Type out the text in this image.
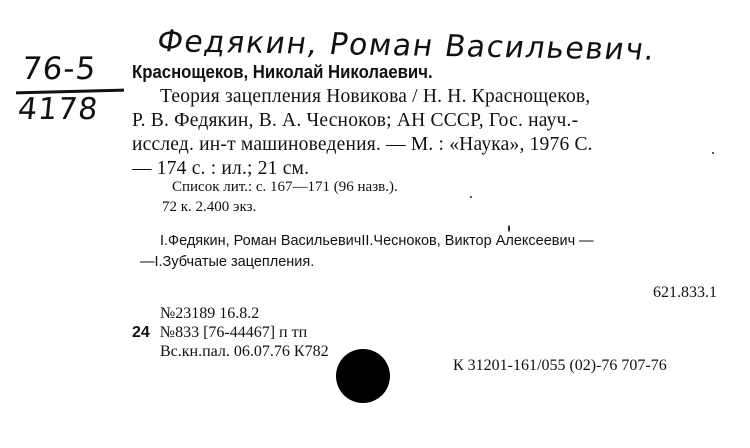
Федякин, Роман Васильевич.
76-5
4178
Краснощеков, Николай Николаевич.
Теория зацепления Новикова / Н. Н. Краснощеков,
Р. В. Федякин, В. А. Чесноков; АН СССР, Гос. науч.-
исслед. ин-т машиноведения. — М. : «Наука», 1976 С.
— 174 с. : ил.; 21 см.
Список лит.: с. 167—171 (96 назв.).
72 к. 2.400 экз.
I.Федякин, Роман ВасильевичII.Чесноков, Виктор Алексеевич —
—I.Зубчатые зацепления.
621.833.1
№23189 16.8.2
24 №833 [76-44467] п тп
Вс.кн.пал. 06.07.76 К782
К 31201-161/055 (02)-76 707-76
